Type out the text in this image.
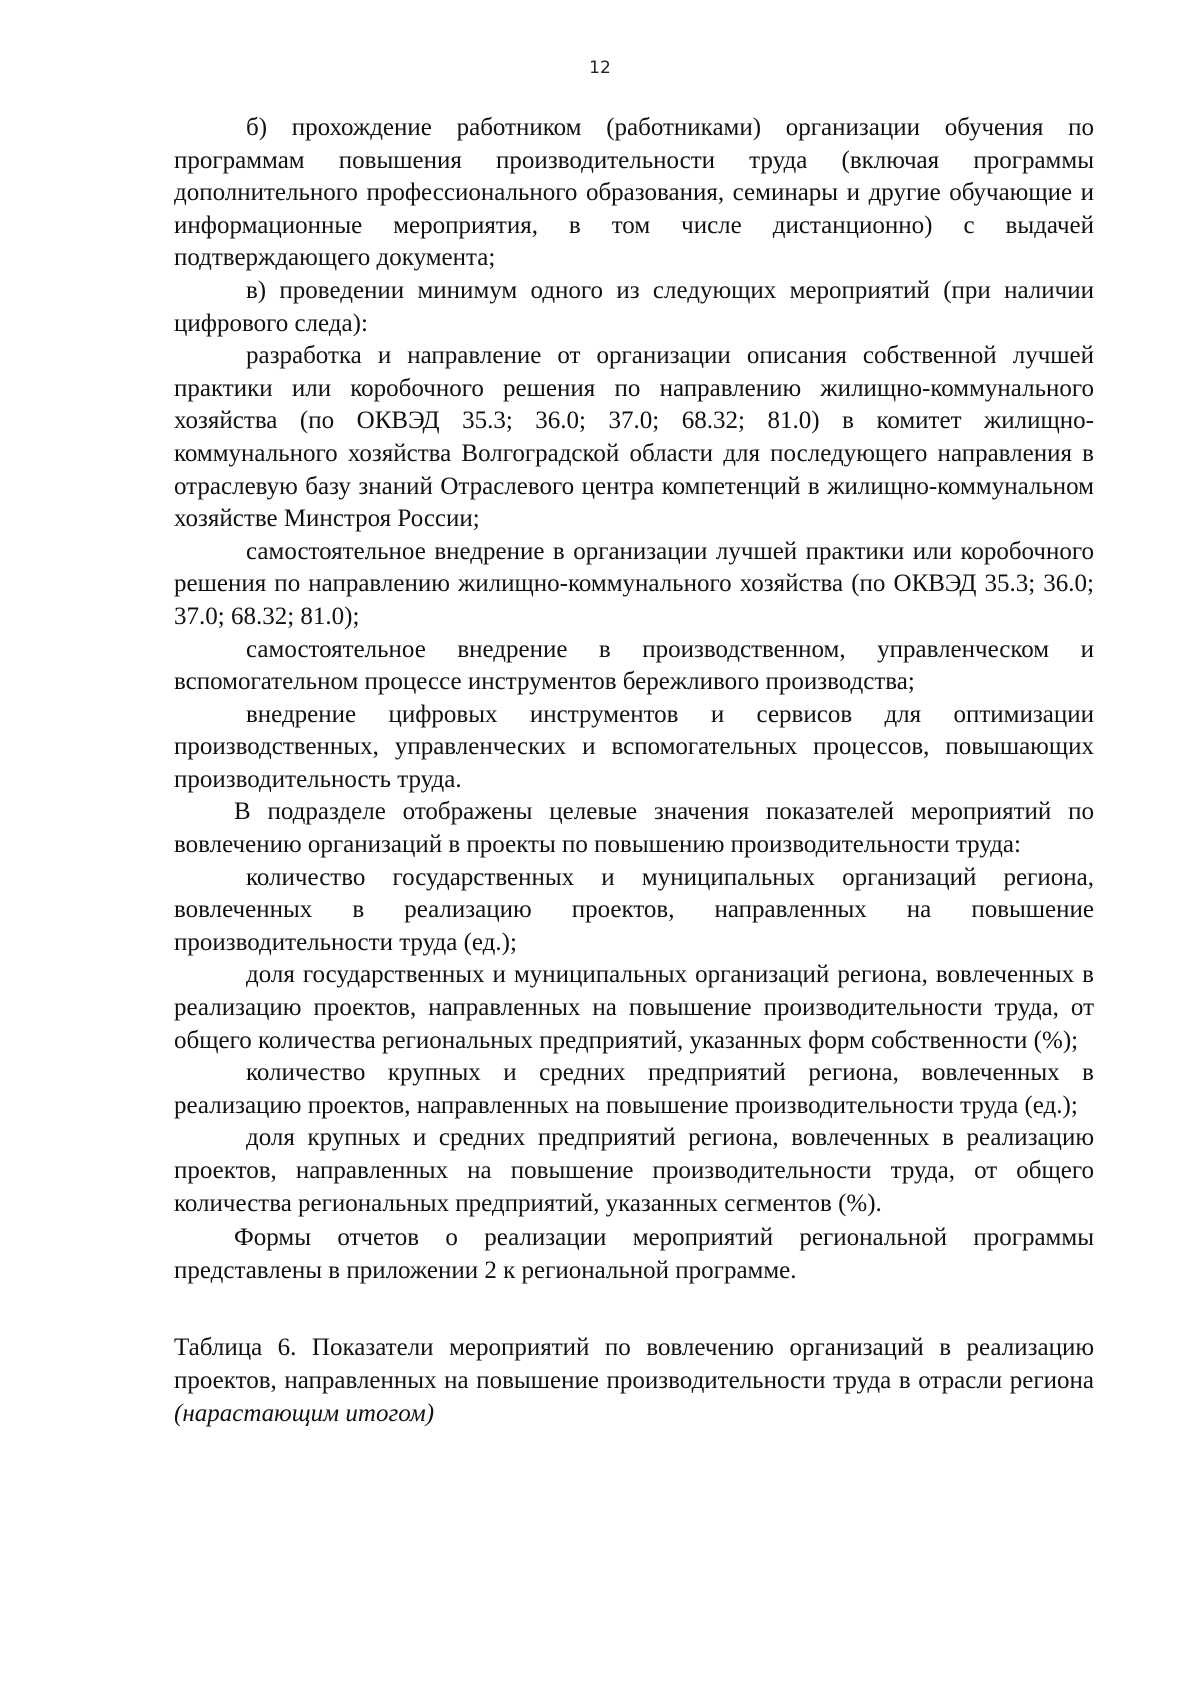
12

б) прохождение работником (работниками) организации обучения по программам повышения производительности труда (включая программы дополнительного профессионального образования, семинары и другие обучающие и информационные мероприятия, в том числе дистанционно) с выдачей подтверждающего документа;

в) проведении минимум одного из следующих мероприятий (при наличии цифрового следа):

разработка и направление от организации описания собственной лучшей практики или коробочного решения по направлению жилищно-коммунального хозяйства (по ОКВЭД 35.3; 36.0; 37.0; 68.32; 81.0) в комитет жилищно-коммунального хозяйства Волгоградской области для последующего направления в отраслевую базу знаний Отраслевого центра компетенций в жилищно-коммунальном хозяйстве Минстроя России;

самостоятельное внедрение в организации лучшей практики или коробочного решения по направлению жилищно-коммунального хозяйства (по ОКВЭД 35.3; 36.0; 37.0; 68.32; 81.0);

самостоятельное внедрение в производственном, управленческом и вспомогательном процессе инструментов бережливого производства;

внедрение цифровых инструментов и сервисов для оптимизации производственных, управленческих и вспомогательных процессов, повышающих производительность труда.

В подразделе отображены целевые значения показателей мероприятий по вовлечению организаций в проекты по повышению производительности труда:

количество государственных и муниципальных организаций региона, вовлеченных в реализацию проектов, направленных на повышение производительности труда (ед.);

доля государственных и муниципальных организаций региона, вовлеченных в реализацию проектов, направленных на повышение производительности труда, от общего количества региональных предприятий, указанных форм собственности (%);

количество крупных и средних предприятий региона, вовлеченных в реализацию проектов, направленных на повышение производительности труда (ед.);

доля крупных и средних предприятий региона, вовлеченных в реализацию проектов, направленных на повышение производительности труда, от общего количества региональных предприятий, указанных сегментов (%).

Формы отчетов о реализации мероприятий региональной программы представлены в приложении 2 к региональной программе.

Таблица 6. Показатели мероприятий по вовлечению организаций в реализацию проектов, направленных на повышение производительности труда в отрасли региона (нарастающим итогом)
